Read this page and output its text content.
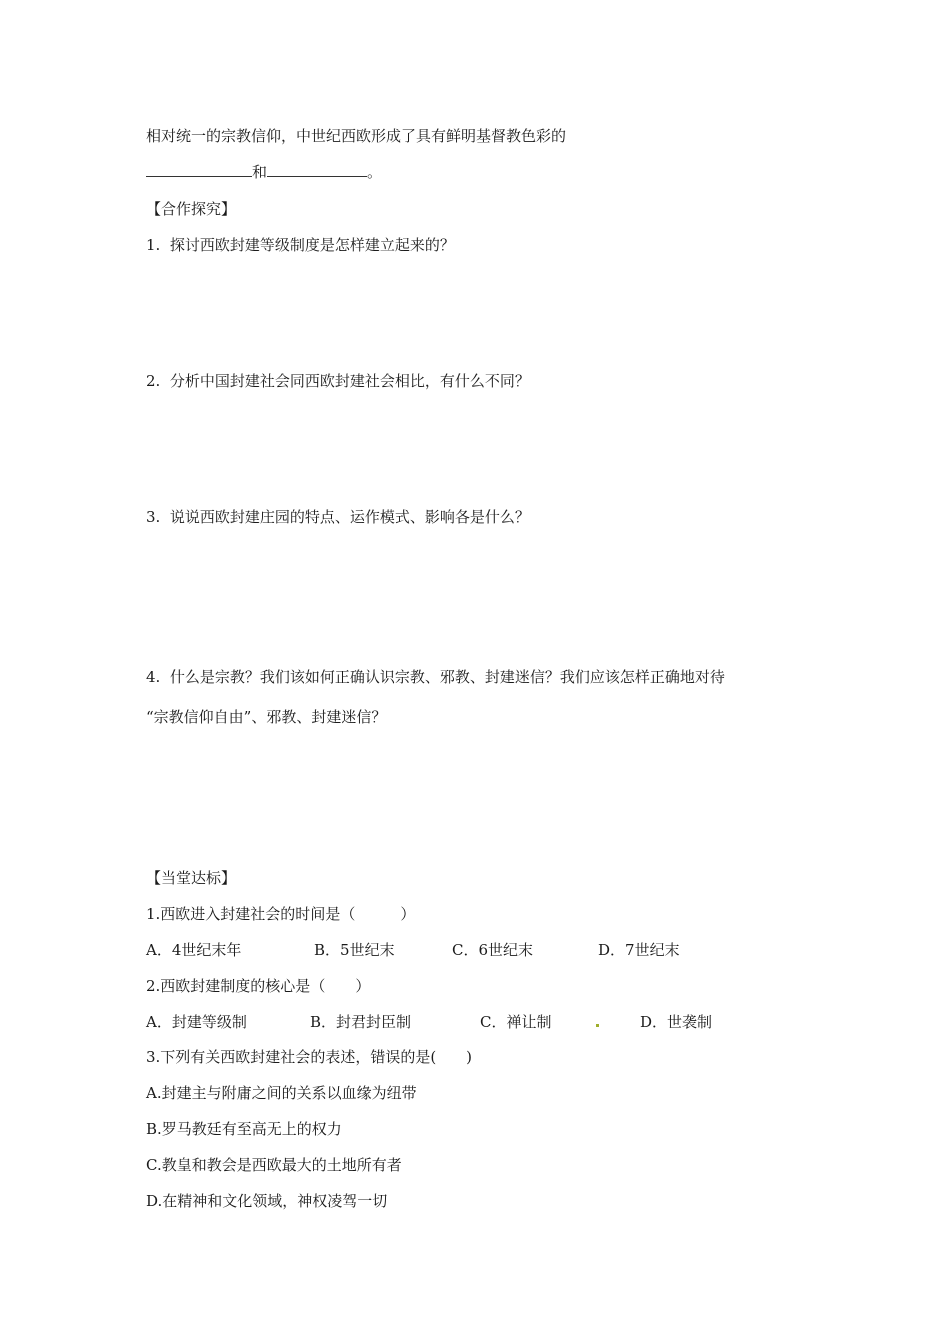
相对统一的宗教信仰，中世纪西欧形成了具有鲜明基督教色彩的
和	。
【合作探究】
1. 探讨西欧封建等级制度是怎样建立起来的？
2. 分析中国封建社会同西欧封建社会相比，有什么不同？
3. 说说西欧封建庄园的特点、运作模式、影响各是什么？
4. 什么是宗教？我们该如何正确认识宗教、邪教、封建迷信？我们应该怎样正确地对待
“宗教信仰自由”、邪教、封建迷信？
【当堂达标】
1.西欧进入封建社会的时间是（　　　）
A．4世纪末年	B．5世纪末	C．6世纪末	D．7世纪末
2.西欧封建制度的核心是（　　）
A．封建等级制	B．封君封臣制	C．禅让制	D．世袭制
3.下列有关西欧封建社会的表述，错误的是(　　)
A.封建主与附庸之间的关系以血缘为纽带
B.罗马教廷有至高无上的权力
C.教皇和教会是西欧最大的土地所有者
D.在精神和文化领域，神权凌驾一切
